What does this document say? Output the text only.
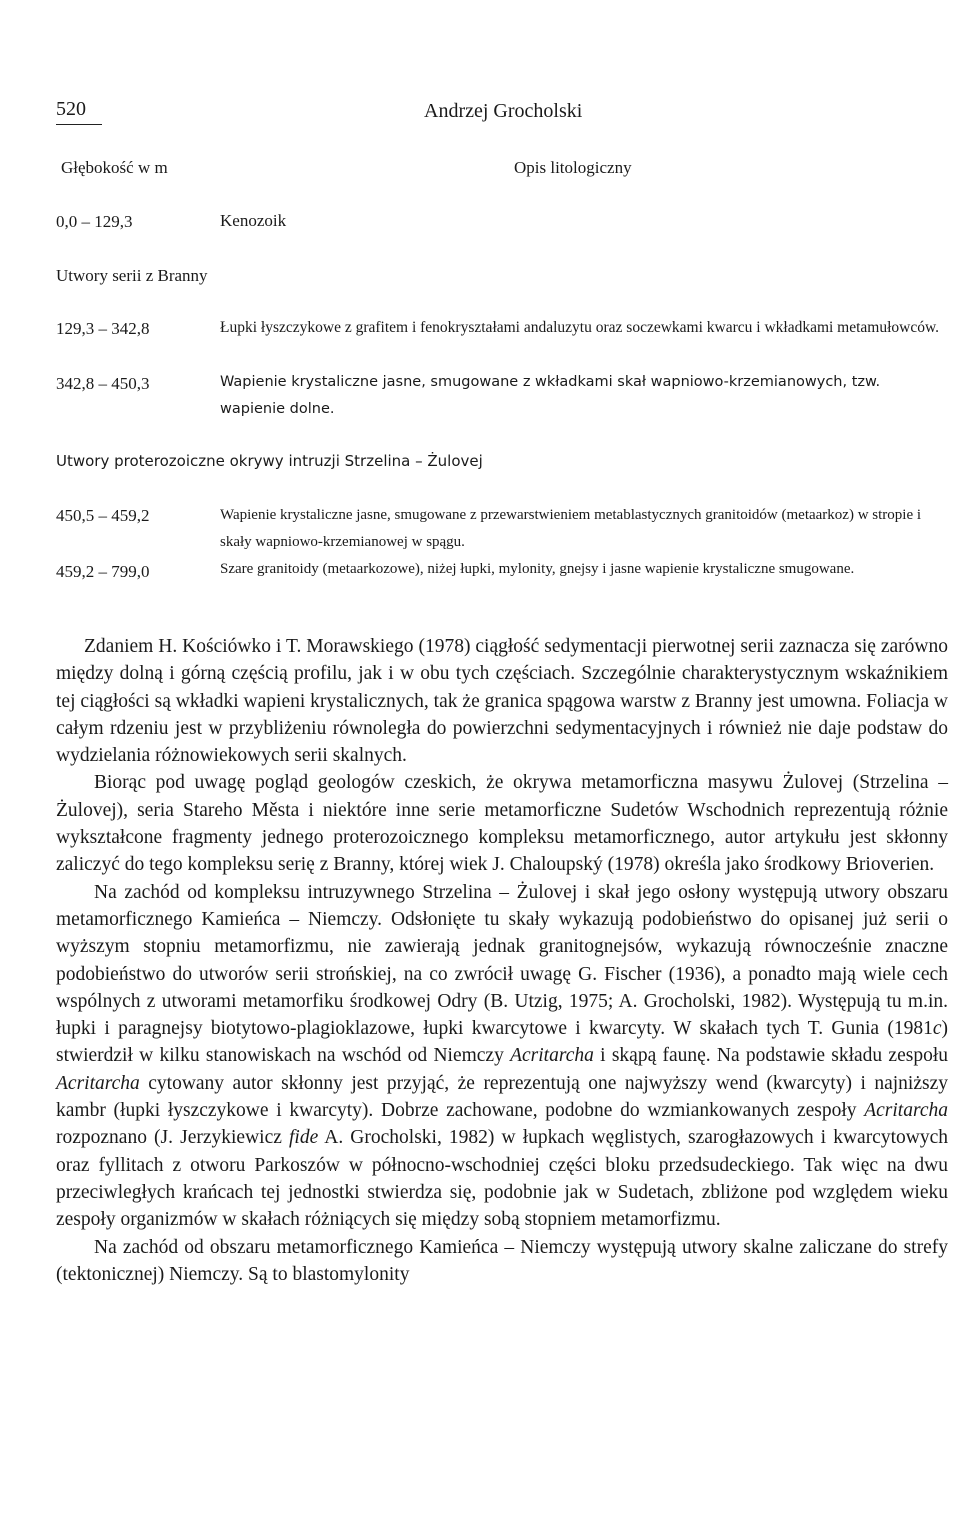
520	Andrzej Grocholski
Głębokość w m	Opis litologiczny
0,0 – 129,3	Kenozoik
Utwory serii z Branny
129,3 – 342,8	Łupki łyszczykowe z grafitem i fenokryształami andaluzytu oraz soczewkami kwarcu i wkładkami metamułowców.
342,8 – 450,3	Wapienie krystaliczne jasne, smugowane z wkładkami skał wapniowo-krzemianowych, tzw. wapienie dolne.
Utwory proterozoiczne okrywy intruzji Strzelina – Żulovej
450,5 – 459,2	Wapienie krystaliczne jasne, smugowane z przewarstwieniem metablastycznych granitoidów (metaarkoz) w stropie i skały wapniowo-krzemianowej w spągu.
459,2 – 799,0	Szare granitoidy (metaarkozowe), niżej łupki, mylonity, gnejsy i jasne wapienie krystaliczne smugowane.

Zdaniem H. Kościówko i T. Morawskiego (1978) ciągłość sedymentacji pierwotnej serii zaznacza się zarówno między dolną i górną częścią profilu, jak i w obu tych częściach. Szczególnie charakterystycznym wskaźnikiem tej ciągłości są wkładki wapieni krystalicznych, tak że granica spągowa warstw z Branny jest umowna. Foliacja w całym rdzeniu jest w przybliżeniu równoległa do powierzchni sedymentacyjnych i również nie daje podstaw do wydzielania różnowiekowych serii skalnych.

Biorąc pod uwagę pogląd geologów czeskich, że okrywa metamorficzna masywu Żulovej (Strzelina – Żulovej), seria Stareho Města i niektóre inne serie metamorficzne Sudetów Wschodnich reprezentują różnie wykształcone fragmenty jednego proterozoicznego kompleksu metamorficznego, autor artykułu jest skłonny zaliczyć do tego kompleksu serię z Branny, której wiek J. Chaloupský (1978) określa jako środkowy Brioverien.

Na zachód od kompleksu intruzywnego Strzelina – Żulovej i skał jego osłony występują utwory obszaru metamorficznego Kamieńca – Niemczy. Odsłonięte tu skały wykazują podobieństwo do opisanej już serii o wyższym stopniu metamorfizmu, nie zawierają jednak granitognejsów, wykazują równocześnie znaczne podobieństwo do utworów serii strońskiej, na co zwrócił uwagę G. Fischer (1936), a ponadto mają wiele cech wspólnych z utworami metamorfiku środkowej Odry (B. Utzig, 1975; A. Grocholski, 1982). Występują tu m.in. łupki i paragnejsy biotytowo-plagioklazowe, łupki kwarcytowe i kwarcyty. W skałach tych T. Gunia (1981c) stwierdził w kilku stanowiskach na wschód od Niemczy Acritarcha i skąpą faunę. Na podstawie składu zespołu Acritarcha cytowany autor skłonny jest przyjąć, że reprezentują one najwyższy wend (kwarcyty) i najniższy kambr (łupki łyszczykowe i kwarcyty). Dobrze zachowane, podobne do wzmiankowanych zespoły Acritarcha rozpoznano (J. Jerzykiewicz fide A. Grocholski, 1982) w łupkach węglistych, szarogłazowych i kwarcytowych oraz fyllitach z otworu Parkoszów w północno-wschodniej części bloku przedsudeckiego. Tak więc na dwu przeciwległych krańcach tej jednostki stwierdza się, podobnie jak w Sudetach, zbliżone pod względem wieku zespoły organizmów w skałach różniących się między sobą stopniem metamorfizmu.

Na zachód od obszaru metamorficznego Kamieńca – Niemczy występują utwory skalne zaliczane do strefy (tektonicznej) Niemczy. Są to blastomylonity
